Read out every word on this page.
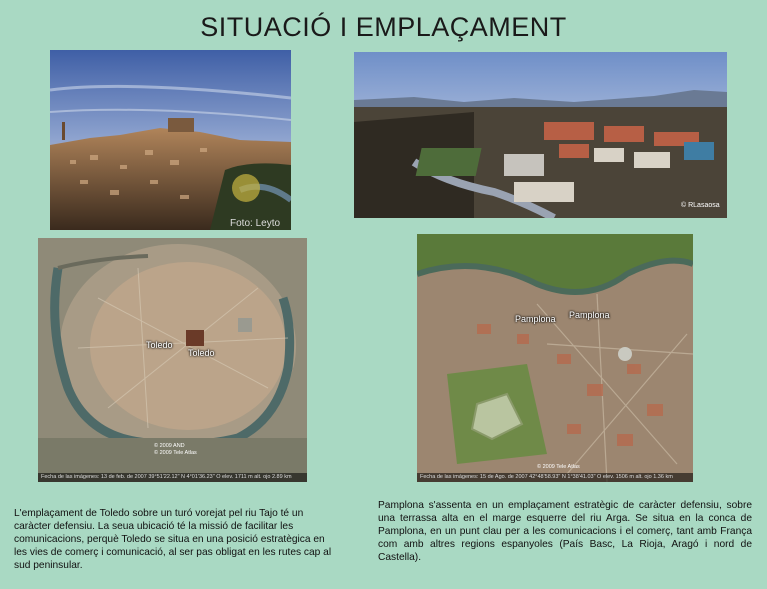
SITUACIÓ I EMPLAÇAMENT
Foto: Leyto
© RLasaosa
Toledo
Toledo
© 2009 AND
© 2009 Tele Atlas
Fecha de las imágenes: 13 de feb. de 2007 39°51'22.12" N 4°01'36.23" O elev. 1711 m alt. ojo 2.89 km
Pamplona Pamplona
© 2009 Tele Atlas
Fecha de las imágenes: 15 de Ago. de 2007 42°48'58.93" N 1°38'41.03" O elev. 1506 m alt. ojo 1.36 km
L'emplaçament de Toledo sobre un turó vorejat pel riu Tajo té un caràcter defensiu. La seua ubicació té la missió de facilitar les comunicacions, perquè Toledo se situa en una posició estratègica en les vies de comerç i comunicació, al ser pas obligat en les rutes cap al sud peninsular.
Pamplona s'assenta en un emplaçament estratègic de caràcter defensiu, sobre una terrassa alta en el marge esquerre del riu Arga. Se situa en la conca de Pamplona, en un punt clau per a les comunicacions i el comerç, tant amb França com amb altres regions espanyoles (País Basc, La Rioja, Aragó i nord de Castella).
